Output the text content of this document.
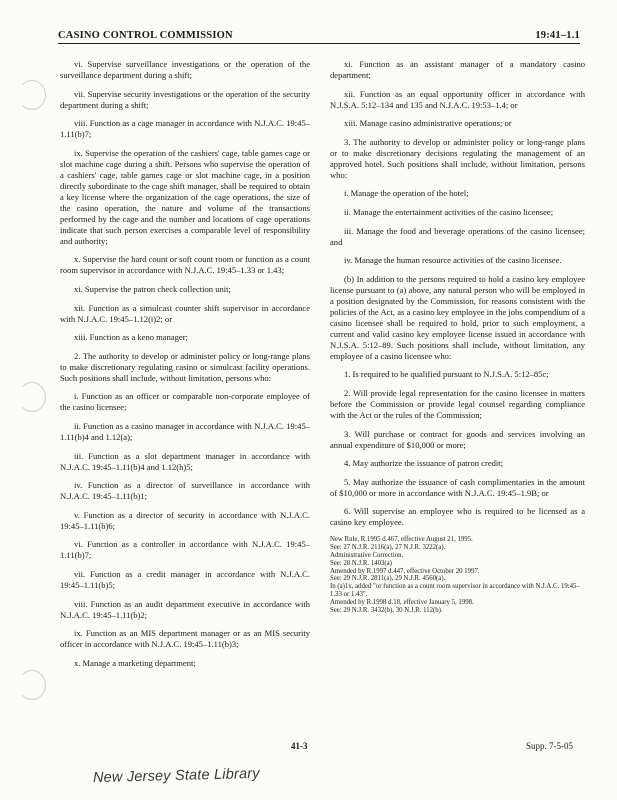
CASINO CONTROL COMMISSION	19:41–1.1

vi. Supervise surveillance investigations or the operation of the surveillance department during a shift;

vii. Supervise security investigations or the operation of the security department during a shift;

viii. Function as a cage manager in accordance with N.J.A.C. 19:45–1.11(b)7;

ix. Supervise the operation of the cashiers' cage, table games cage or slot machine cage during a shift. Persons who supervise the operation of a cashiers' cage, table games cage or slot machine cage, in a position directly subordinate to the cage shift manager, shall be required to obtain a key license where the organization of the cage operations, the size of the casino operation, the nature and volume of the transactions performed by the cage and the number and locations of cage operations indicate that such person exercises a comparable level of responsibility and authority;

x. Supervise the hard count or soft count room or function as a count room supervisor in accordance with N.J.A.C. 19:45–1.33 or 1.43;

xi. Supervise the patron check collection unit;

xii. Function as a simulcast counter shift supervisor in accordance with N.J.A.C. 19:45–1.12(i)2; or

xiii. Function as a keno manager;

2. The authority to develop or administer policy or long-range plans to make discretionary regulating casino or simulcast facility operations. Such positions shall include, without limitation, persons who:

i. Function as an officer or comparable non-corporate employee of the casino licensee;

ii. Function as a casino manager in accordance with N.J.A.C. 19:45–1.11(b)4 and 1.12(a);

iii. Function as a slot department manager in accordance with N.J.A.C. 19:45–1.11(b)4 and 1.12(h)5;

iv. Function as a director of surveillance in accordance with N.J.A.C. 19:45–1.11(b)1;

v. Function as a director of security in accordance with N.J.A.C. 19:45–1.11(b)6;

vi. Function as a controller in accordance with N.J.A.C. 19:45–1.11(b)7;

vii. Function as a credit manager in accordance with N.J.A.C. 19:45–1.11(b)5;

viii. Function as an audit department executive in accordance with N.J.A.C. 19:45–1.11(b)2;

ix. Function as an MIS department manager or as an MIS security officer in accordance with N.J.A.C. 19:45–1.11(b)3;

x. Manage a marketing department;

xi. Function as an assistant manager of a mandatory casino department;

xii. Function as an equal opportunity officer in accordance with N.J.S.A. 5:12–134 and 135 and N.J.A.C. 19:53–1.4; or

xiii. Manage casino administrative operations; or

3. The authority to develop or administer policy or long-range plans or to make discretionary decisions regulating the management of an approved hotel. Such positions shall include, without limitation, persons who:

i. Manage the operation of the hotel;

ii. Manage the entertainment activities of the casino licensee;

iii. Manage the food and beverage operations of the casino licensee; and

iv. Manage the human resource activities of the casino licensee.

(b) In addition to the persons required to hold a casino key employee license pursuant to (a) above, any natural person who will be employed in a position designated by the Commission, for reasons consistent with the policies of the Act, as a casino key employee in the jobs compendium of a casino licensee shall be required to hold, prior to such employment, a current and valid casino key employee license issued in accordance with N.J.S.A. 5:12–89. Such positions shall include, without limitation, any employee of a casino licensee who:

1. Is required to be qualified pursuant to N.J.S.A. 5:12–85c;

2. Will provide legal representation for the casino licensee in matters before the Commission or provide legal counsel regarding compliance with the Act or the rules of the Commission;

3. Will purchase or contract for goods and services involving an annual expenditure of $10,000 or more;

4. May authorize the issuance of patron credit;

5. May authorize the issuance of cash complimentaries in the amount of $10,000 or more in accordance with N.J.A.C. 19:45–1.9B; or

6. Will supervise an employee who is required to be licensed as a casino key employee.

New Rule, R.1995 d.467, effective August 21, 1995.
See: 27 N.J.R. 2116(a), 27 N.J.R. 3222(a).
Administrative Correction.
See: 28 N.J.R. 1403(a)
Amended by R.1997 d.447, effective October 20 1997.
See: 29 N.J.R. 2811(a), 29 N.J.R. 4560(a).
In (a)1x, added "or function as a count room supervisor in accordance with N.J.A.C. 19:45–1.33 or 1.43".
Amended by R.1998 d.18, effective January 5, 1998.
See: 29 N.J.R. 3432(b), 30 N.J.R. 112(b).
41-3	Supp. 7-5-05
New Jersey State Library
